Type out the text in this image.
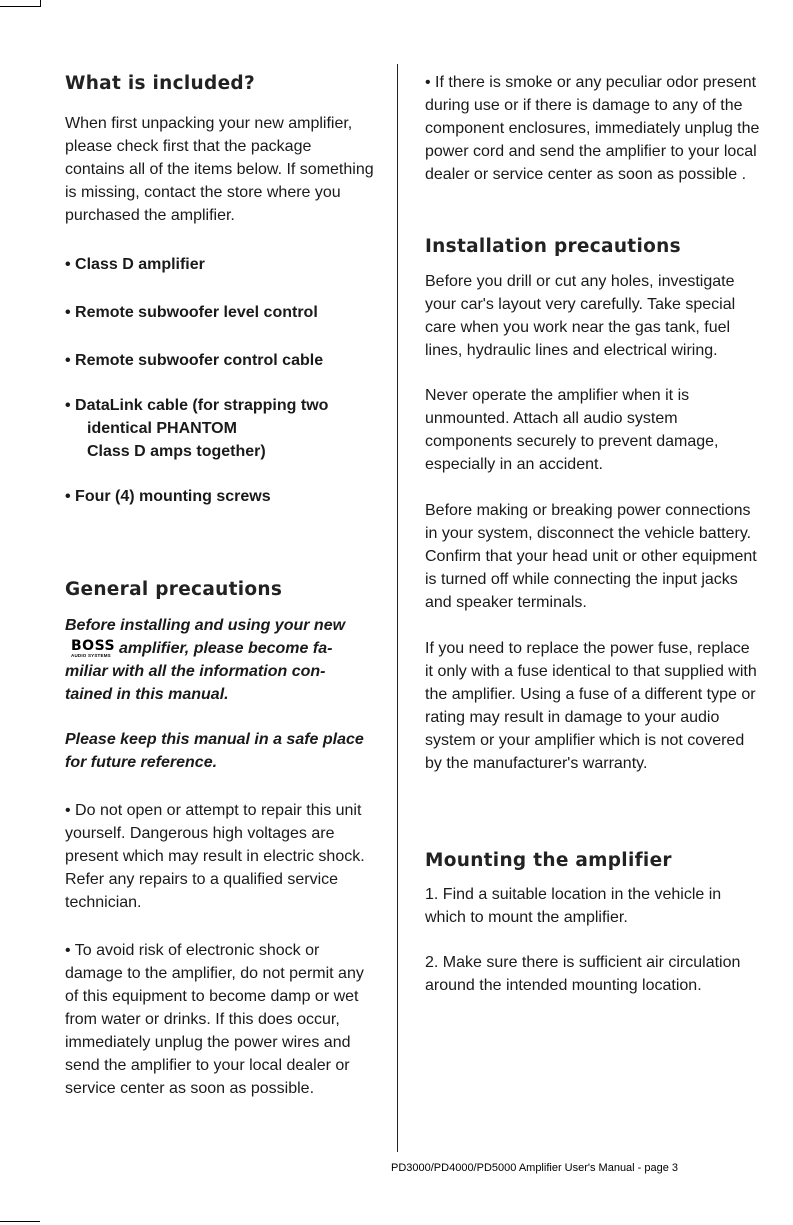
What is included?

When first unpacking your new amplifier, please check first that the package contains all of the items below. If something is missing, contact the store where you purchased the amplifier.

• Class D amplifier
• Remote subwoofer level control
• Remote subwoofer control cable
• DataLink cable (for strapping two
identical PHANTOM
Class D amps together)
• Four (4) mounting screws
General precautions
Before installing and using your new
BOSS
AUDIO SYSTEMS amplifier, please become fa-
miliar with all the information con-
tained in this manual.

Please keep this manual in a safe place for future reference.

• Do not open or attempt to repair this unit yourself. Dangerous high voltages are present which may result in electric shock. Refer any repairs to a qualified service technician.

• To avoid risk of electronic shock or damage to the amplifier, do not permit any of this equipment to become damp or wet from water or drinks. If this does occur, immediately unplug the power wires and send the amplifier to your local dealer or service center as soon as possible.

• If there is smoke or any peculiar odor present during use or if there is damage to any of the component enclosures, immediately unplug the power cord and send the amplifier to your local dealer or service center as soon as possible .

Installation precautions

Before you drill or cut any holes, investigate your car's layout very carefully. Take special care when you work near the gas tank, fuel lines, hydraulic lines and electrical wiring.

Never operate the amplifier when it is unmounted. Attach all audio system components securely to prevent damage, especially in an accident.

Before making or breaking power connections in your system, disconnect the vehicle battery. Confirm that your head unit or other equipment is turned off while connecting the input jacks and speaker terminals.

If you need to replace the power fuse, replace it only with a fuse identical to that supplied with the amplifier. Using a fuse of a different type or rating may result in damage to your audio system or your amplifier which is not covered by the manufacturer's warranty.

Mounting the amplifier

1. Find a suitable location in the vehicle in which to mount the amplifier.

2. Make sure there is sufficient air circulation around the intended mounting location.

PD3000/PD4000/PD5000 Amplifier User's Manual - page 3
